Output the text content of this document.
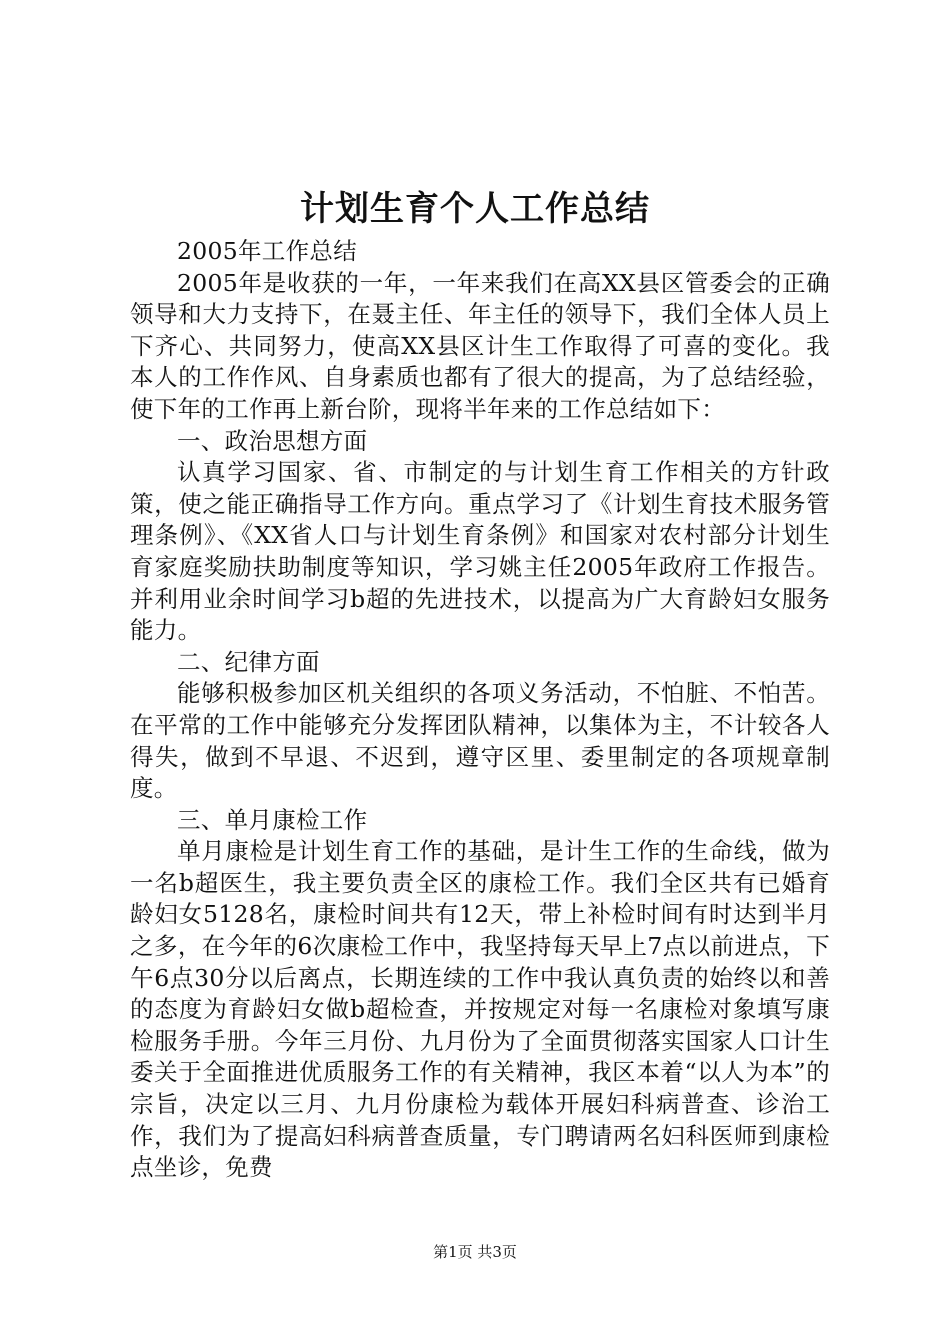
计划生育个人工作总结

2005年工作总结

2005年是收获的一年，一年来我们在高XX县区管委会的正确领导和大力支持下，在聂主任、年主任的领导下，我们全体人员上下齐心、共同努力，使高XX县区计生工作取得了可喜的变化。我本人的工作作风、自身素质也都有了很大的提高，为了总结经验，使下年的工作再上新台阶，现将半年来的工作总结如下：

一、政治思想方面

认真学习国家、省、市制定的与计划生育工作相关的方针政策，使之能正确指导工作方向。重点学习了《计划生育技术服务管理条例》、《XX省人口与计划生育条例》和国家对农村部分计划生育家庭奖励扶助制度等知识，学习姚主任2005年政府工作报告。并利用业余时间学习b超的先进技术，以提高为广大育龄妇女服务能力。

二、纪律方面

能够积极参加区机关组织的各项义务活动，不怕脏、不怕苦。在平常的工作中能够充分发挥团队精神，以集体为主，不计较各人得失，做到不早退、不迟到，遵守区里、委里制定的各项规章制度。

三、单月康检工作

单月康检是计划生育工作的基础，是计生工作的生命线，做为一名b超医生，我主要负责全区的康检工作。我们全区共有已婚育龄妇女5128名，康检时间共有12天，带上补检时间有时达到半月之多，在今年的6次康检工作中，我坚持每天早上7点以前进点，下午6点30分以后离点，长期连续的工作中我认真负责的始终以和善的态度为育龄妇女做b超检查，并按规定对每一名康检对象填写康检服务手册。今年三月份、九月份为了全面贯彻落实国家人口计生委关于全面推进优质服务工作的有关精神，我区本着“以人为本”的宗旨，决定以三月、九月份康检为载体开展妇科病普查、诊治工作，我们为了提高妇科病普查质量，专门聘请两名妇科医师到康检点坐诊，免费

第1页 共3页
